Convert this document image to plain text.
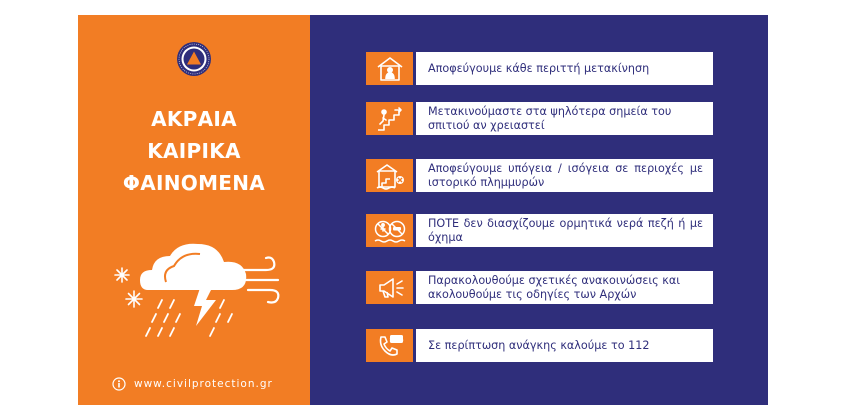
ΑΚΡΑΙΑ
ΚΑΙΡΙΚΑ
ΦΑΙΝΟΜΕΝΑ
www.civilprotection.gr
Αποφεύγουμε κάθε περιττή μετακίνηση
Μετακινούμαστε στα ψηλότερα σημεία του σπιτιού αν χρειαστεί
Αποφεύγουμε υπόγεια / ισόγεια σε περιοχές με ιστορικό πλημμυρών
ΠΟΤΕ δεν διασχίζουμε ορμητικά νερά πεζή ή με όχημα
Παρακολουθούμε σχετικές ανακοινώσεις και ακολουθούμε τις οδηγίες των Αρχών
SOS Σε περίπτωση ανάγκης καλούμε το 112
